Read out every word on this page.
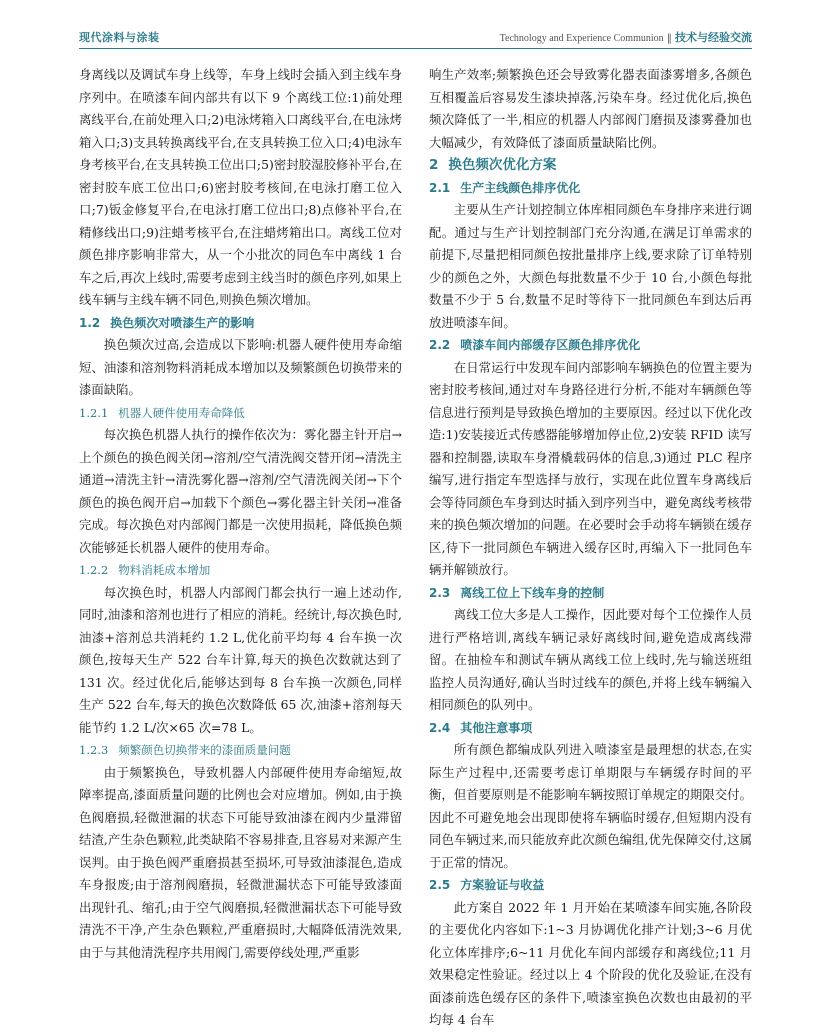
现代涂料与涂装	Technology and Experience Communion ‖ 技术与经验交流

身离线以及调试车身上线等，车身上线时会插入到主线车身序列中。在喷漆车间内部共有以下 9 个离线工位:1)前处理离线平台,在前处理入口;2)电泳烤箱入口离线平台,在电泳烤箱入口;3)支具转换离线平台,在支具转换工位入口;4)电泳车身考核平台,在支具转换工位出口;5)密封胶湿胶修补平台,在密封胶车底工位出口;6)密封胶考核间,在电泳打磨工位入口;7)钣金修复平台,在电泳打磨工位出口;8)点修补平台,在精修线出口;9)注蜡考核平台,在注蜡烤箱出口。离线工位对颜色排序影响非常大，从一个小批次的同色车中离线 1 台车之后,再次上线时,需要考虑到主线当时的颜色序列,如果上线车辆与主线车辆不同色,则换色频次增加。

1.2 换色频次对喷漆生产的影响

换色频次过高,会造成以下影响:机器人硬件使用寿命缩短、油漆和溶剂物料消耗成本增加以及频繁颜色切换带来的漆面缺陷。

1.2.1 机器人硬件使用寿命降低

每次换色机器人执行的操作依次为：雾化器主针开启→上个颜色的换色阀关闭→溶剂/空气清洗阀交替开闭→清洗主通道→清洗主针→清洗雾化器→溶剂/空气清洗阀关闭→下个颜色的换色阀开启→加载下个颜色→雾化器主针关闭→准备完成。每次换色对内部阀门都是一次使用损耗，降低换色频次能够延长机器人硬件的使用寿命。

1.2.2 物料消耗成本增加

每次换色时，机器人内部阀门都会执行一遍上述动作,同时,油漆和溶剂也进行了相应的消耗。经统计,每次换色时,油漆+溶剂总共消耗约 1.2 L,优化前平均每 4 台车换一次颜色,按每天生产 522 台车计算,每天的换色次数就达到了 131 次。经过优化后,能够达到每 8 台车换一次颜色,同样生产 522 台车,每天的换色次数降低 65 次,油漆+溶剂每天能节约 1.2 L/次×65 次=78 L。

1.2.3 频繁颜色切换带来的漆面质量问题

由于频繁换色，导致机器人内部硬件使用寿命缩短,故障率提高,漆面质量问题的比例也会对应增加。例如,由于换色阀磨损,轻微泄漏的状态下可能导致油漆在阀内少量滞留结渣,产生杂色颗粒,此类缺陷不容易排查,且容易对来源产生误判。由于换色阀严重磨损甚至损坏,可导致油漆混色,造成车身报废;由于溶剂阀磨损，轻微泄漏状态下可能导致漆面出现针孔、缩孔;由于空气阀磨损,轻微泄漏状态下可能导致清洗不干净,产生杂色颗粒,严重磨损时,大幅降低清洗效果,由于与其他清洗程序共用阀门,需要停线处理,严重影

响生产效率;频繁换色还会导致雾化器表面漆雾增多,各颜色互相覆盖后容易发生漆块掉落,污染车身。经过优化后,换色频次降低了一半,相应的机器人内部阀门磨损及漆雾叠加也大幅减少，有效降低了漆面质量缺陷比例。

2 换色频次优化方案
2.1 生产主线颜色排序优化

主要从生产计划控制立体库相同颜色车身排序来进行调配。通过与生产计划控制部门充分沟通,在满足订单需求的前提下,尽量把相同颜色按批量排序上线,要求除了订单特别少的颜色之外，大颜色每批数量不少于 10 台,小颜色每批数量不少于 5 台,数量不足时等待下一批同颜色车到达后再放进喷漆车间。

2.2 喷漆车间内部缓存区颜色排序优化

在日常运行中发现车间内部影响车辆换色的位置主要为密封胶考核间,通过对车身路径进行分析,不能对车辆颜色等信息进行预判是导致换色增加的主要原因。经过以下优化改造:1)安装接近式传感器能够增加停止位,2)安装 RFID 读写器和控制器,读取车身滑橇载码体的信息,3)通过 PLC 程序编写,进行指定车型选择与放行，实现在此位置车身离线后会等待同颜色车身到达时插入到序列当中，避免离线考核带来的换色频次增加的问题。在必要时会手动将车辆锁在缓存区,待下一批同颜色车辆进入缓存区时,再编入下一批同色车辆并解锁放行。

2.3 离线工位上下线车身的控制

离线工位大多是人工操作，因此要对每个工位操作人员进行严格培训,离线车辆记录好离线时间,避免造成离线滞留。在抽检车和测试车辆从离线工位上线时,先与输送班组监控人员沟通好,确认当时过线车的颜色,并将上线车辆编入相同颜色的队列中。

2.4 其他注意事项

所有颜色都编成队列进入喷漆室是最理想的状态,在实际生产过程中,还需要考虑订单期限与车辆缓存时间的平衡，但首要原则是不能影响车辆按照订单规定的期限交付。因此不可避免地会出现即使将车辆临时缓存,但短期内没有同色车辆过来,而只能放弃此次颜色编组,优先保障交付,这属于正常的情况。

2.5 方案验证与收益

此方案自 2022 年 1 月开始在某喷漆车间实施,各阶段的主要优化内容如下:1~3 月协调优化排产计划;3~6 月优化立体库排序;6~11 月优化车间内部缓存和离线位;11 月效果稳定性验证。经过以上 4 个阶段的优化及验证,在没有面漆前选色缓存区的条件下,喷漆室换色次数也由最初的平均每 4 台车
